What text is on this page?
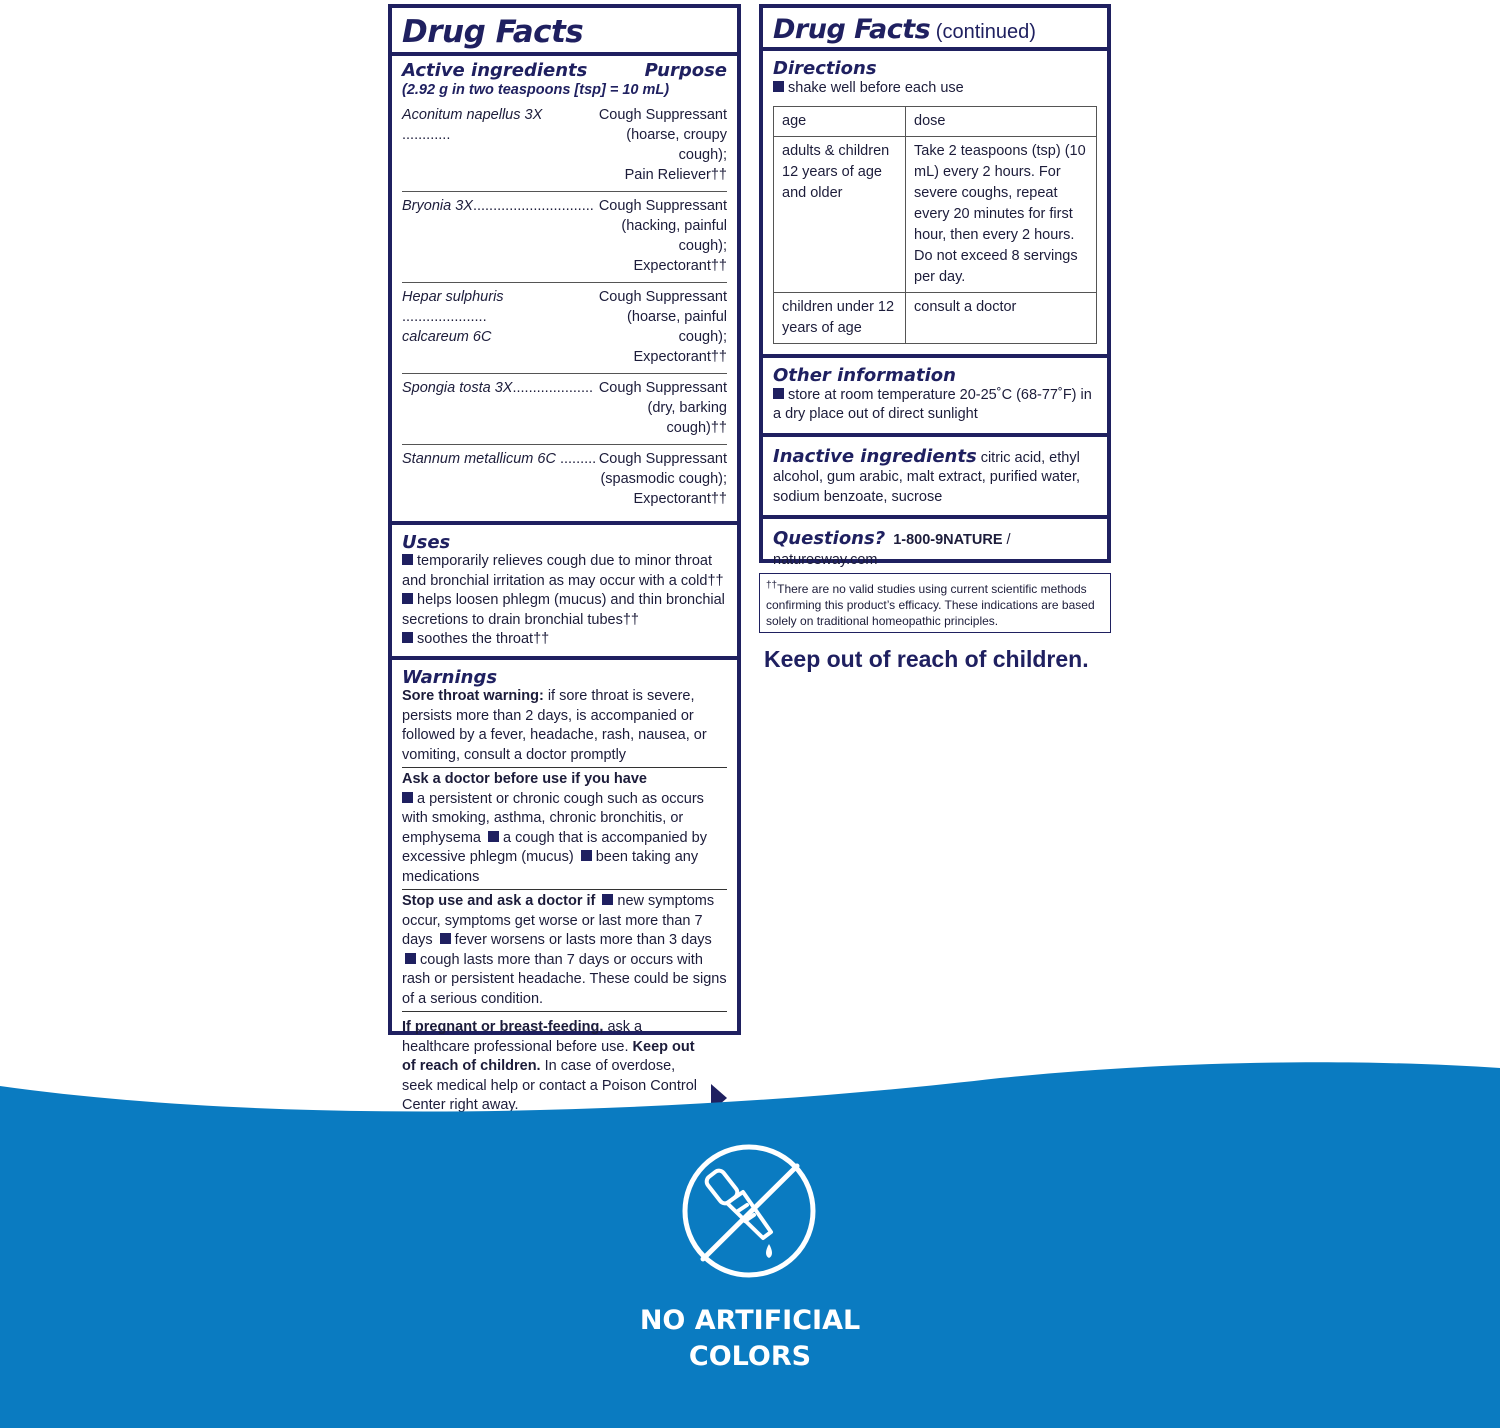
Drug Facts
Active ingredients	Purpose
(2.92 g in two teaspoons [tsp] = 10 mL)
Aconitum napellus 3X ............
Cough Suppressant
(hoarse, croupy cough);
Pain Reliever††
Bryonia 3X.............................. Cough Suppressant
(hacking, painful cough);
Expectorant††
Hepar sulphuris .....................
calcareum 6C
Cough Suppressant
(hoarse, painful cough);
Expectorant††
Spongia tosta 3X.................... Cough Suppressant
(dry, barking cough)††
Stannum metallicum 6C ......... Cough Suppressant
(spasmodic cough);
Expectorant††
Uses
temporarily relieves cough due to minor throat and bronchial irritation as may occur with a cold††
helps loosen phlegm (mucus) and thin bronchial secretions to drain bronchial tubes††
soothes the throat††
Warnings
Sore throat warning: if sore throat is severe, persists more than 2 days, is accompanied or followed by a fever, headache, rash, nausea, or vomiting, consult a doctor promptly
Ask a doctor before use if you have
a persistent or chronic cough such as occurs with smoking, asthma, chronic bronchitis, or emphysema a cough that is accompanied by excessive phlegm (mucus) been taking any medications
Stop use and ask a doctor if new symptoms occur, symptoms get worse or last more than 7 days fever worsens or lasts more than 3 days cough lasts more than 7 days or occurs with rash or persistent headache. These could be signs of a serious condition.
If pregnant or breast-feeding, ask a healthcare professional before use. Keep out of reach of children. In case of overdose, seek medical help or contact a Poison Control Center right away.
Drug Facts (continued)
Directions
shake well before each use
age	dose
adults & children 12 years of age and older	Take 2 teaspoons (tsp) (10 mL) every 2 hours. For severe coughs, repeat every 20 minutes for first hour, then every 2 hours. Do not exceed 8 servings per day.
children under 12 years of age	consult a doctor
Other information
store at room temperature 20-25˚C (68-77˚F) in a dry place out of direct sunlight
Inactive ingredients citric acid, ethyl alcohol, gum arabic, malt extract, purified water, sodium benzoate, sucrose
Questions? 1-800-9NATURE / naturesway.com
††There are no valid studies using current scientific methods confirming this product’s efficacy. These indications are based solely on traditional homeopathic principles.
Keep out of reach of children.
NO ARTIFICIAL
COLORS
